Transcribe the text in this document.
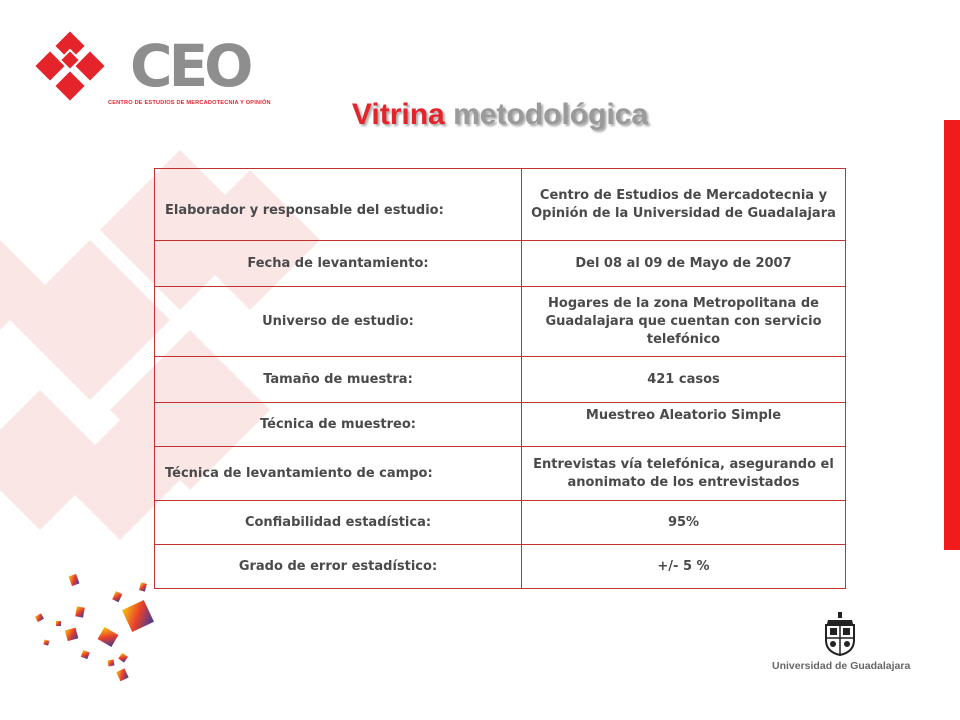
CEO
CENTRO DE ESTUDIOS DE MERCADOTECNIA Y OPINIÓN	Vitrina metodológica
Elaborador y responsable del estudio:	Centro de Estudios de Mercadotecnia y Opinión de la Universidad de Guadalajara
Fecha de levantamiento:	Del 08 al 09 de Mayo de 2007
Universo de estudio:	Hogares de la zona Metropolitana de Guadalajara que cuentan con servicio telefónico
Tamaño de muestra:	421 casos
Técnica de muestreo:	Muestreo Aleatorio Simple
Técnica de levantamiento de campo:	Entrevistas vía telefónica, asegurando el anonimato de los entrevistados
Confiabilidad estadística:	95%
Grado de error estadístico:	+/- 5 %
Universidad de Guadalajara
